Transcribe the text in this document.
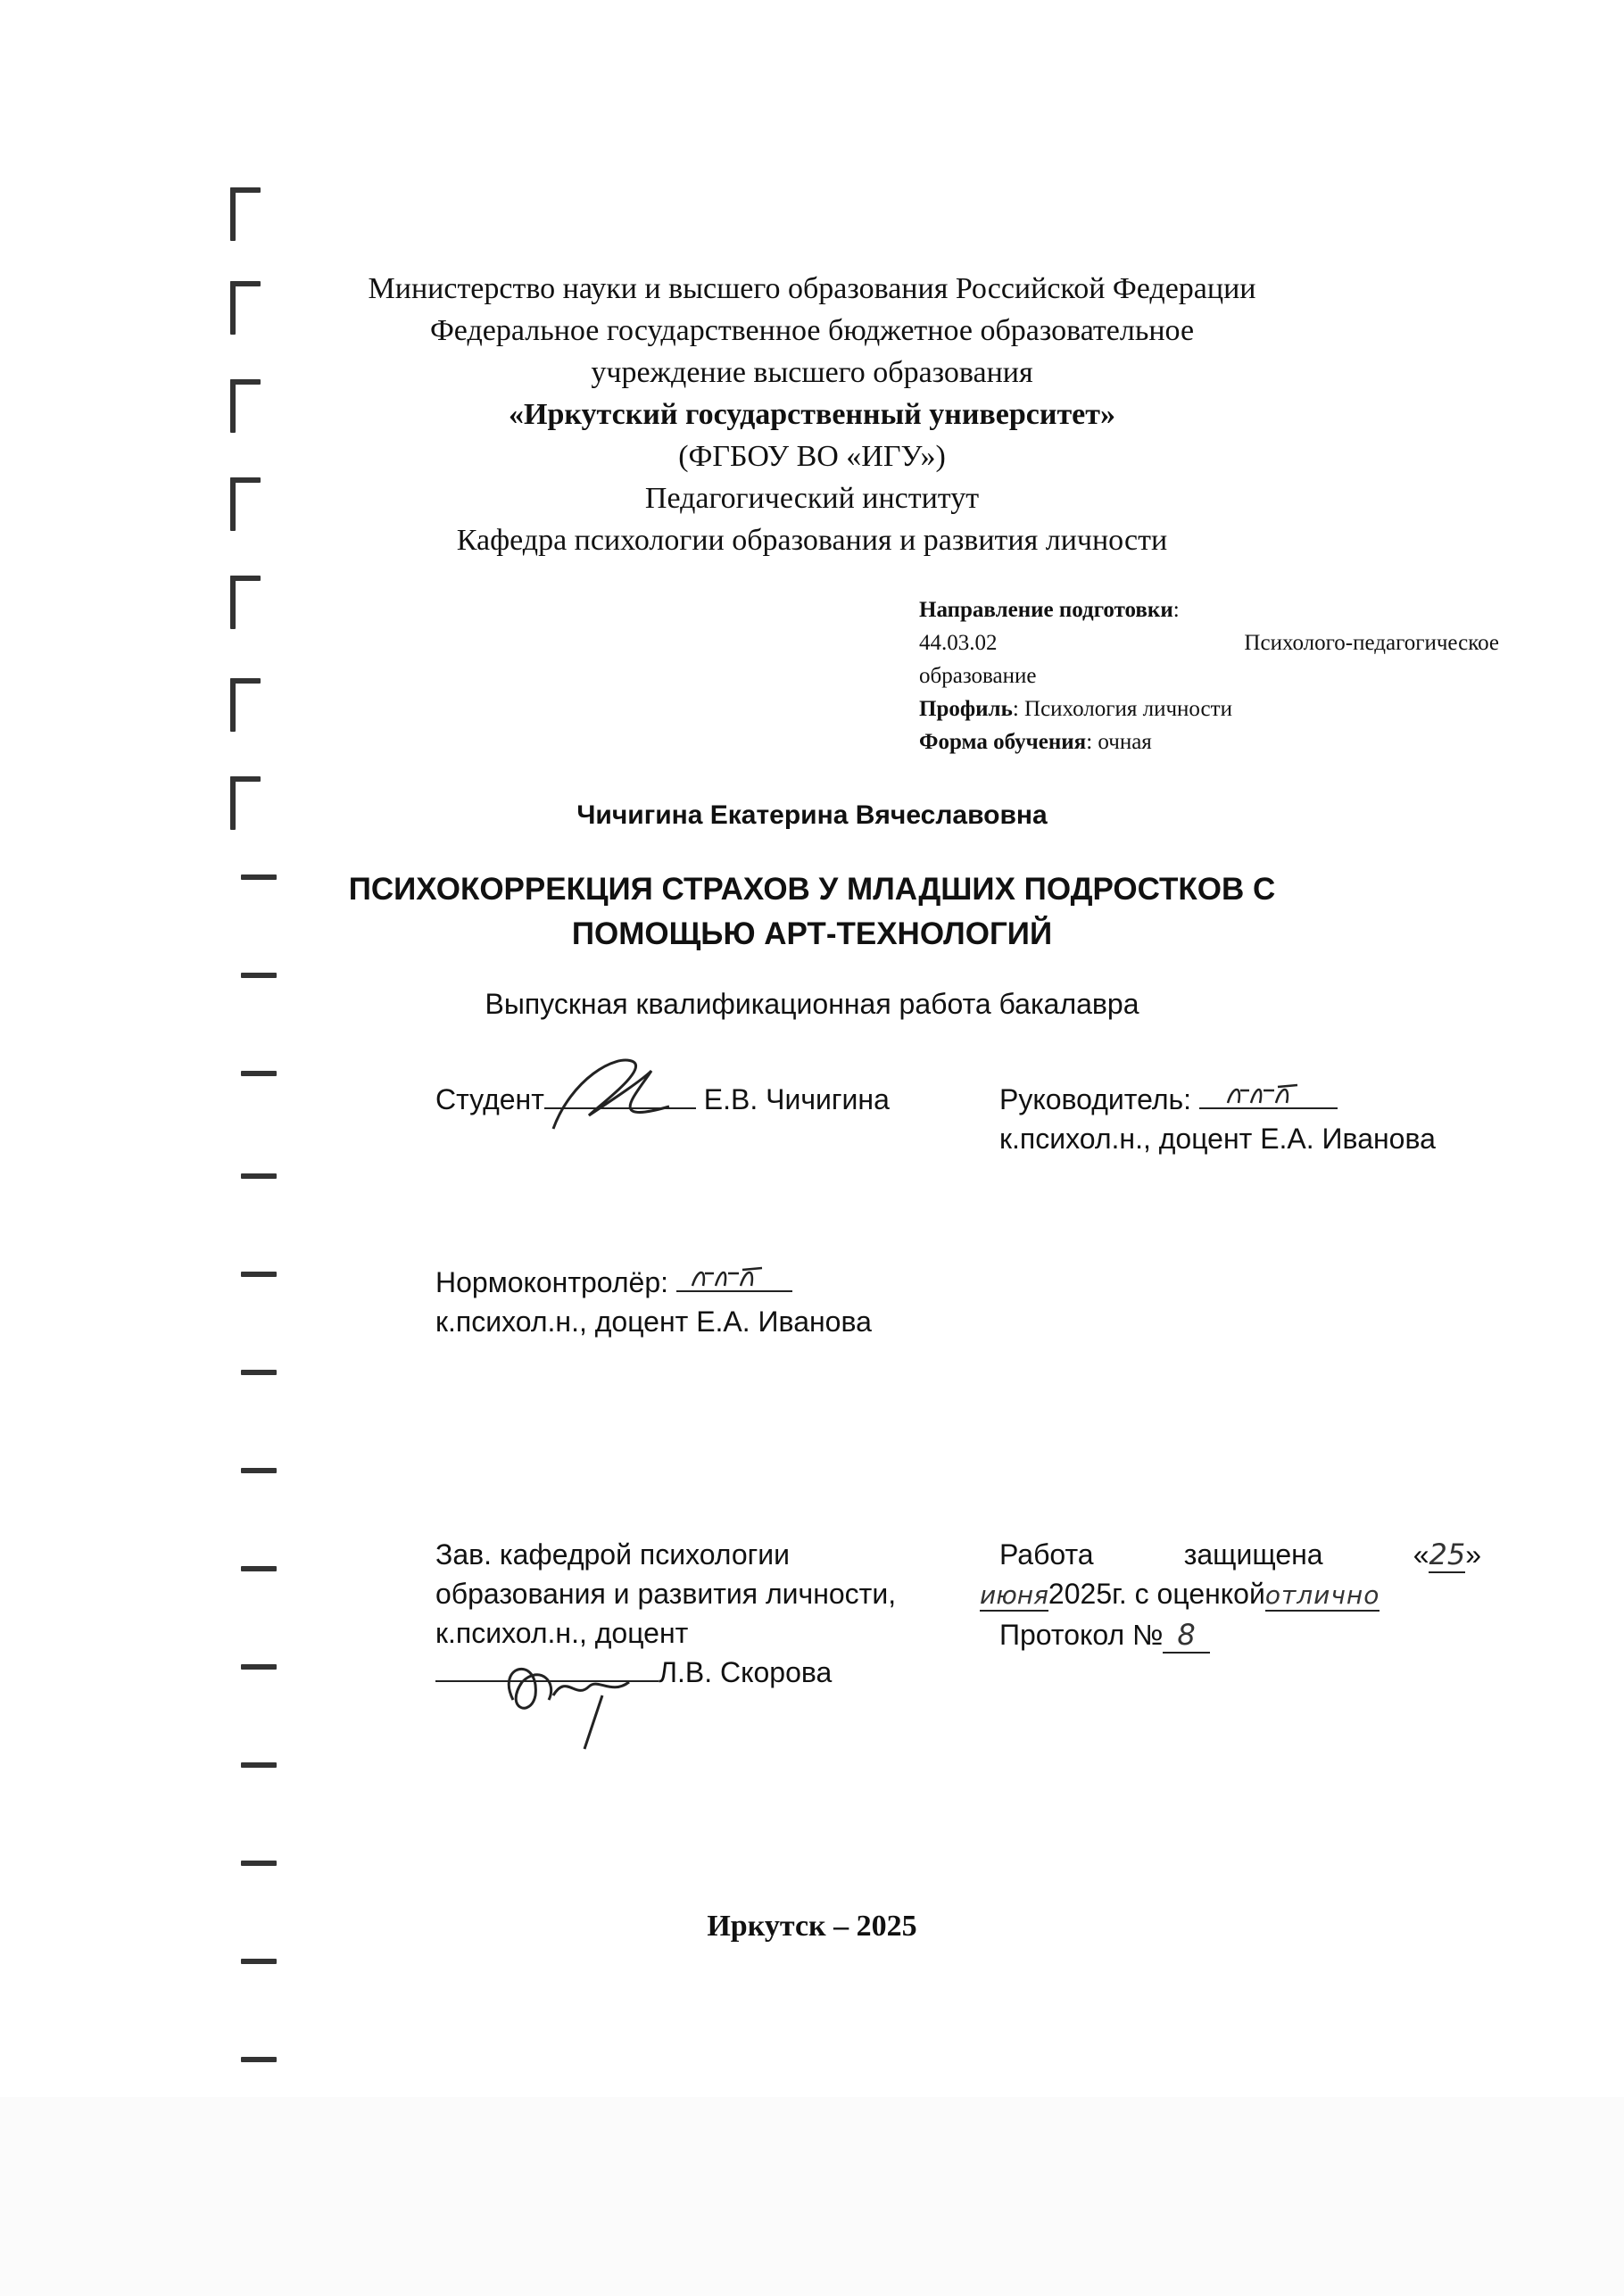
Министерство науки и высшего образования Российской Федерации
Федеральное государственное бюджетное образовательное
учреждение высшего образования
«Иркутский государственный университет»
(ФГБОУ ВО «ИГУ»)
Педагогический институт
Кафедра психологии образования и развития личности
Направление подготовки:
44.03.02	Психолого-педагогическое
образование
Профиль: Психология личности
Форма обучения: очная
Чичигина Екатерина Вячеславовна
ПСИХОКОРРЕКЦИЯ СТРАХОВ У МЛАДШИХ ПОДРОСТКОВ С
ПОМОЩЬЮ АРТ-ТЕХНОЛОГИЙ
Выпускная квалификационная работа бакалавра
Студент	Е.В. Чичигина	Руководитель:
к.психол.н., доцент Е.А. Иванова
Нормоконтролёр:
к.психол.н., доцент Е.А. Иванова
Зав. кафедрой психологии
образования и развития личности,
к.психол.н., доцент
Л.В. Скорова
Работа	защищена	«25»
июня2025г. с оценкойотлично
Протокол № 8
Иркутск – 2025
